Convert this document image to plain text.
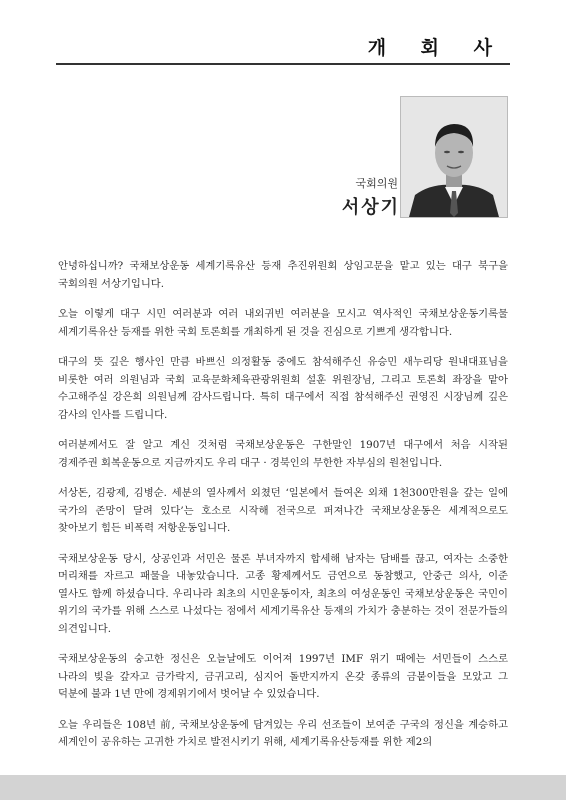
개 회 사
국회의원
서상기

안녕하십니까? 국채보상운동 세계기록유산 등재 추진위원회 상임고문을 맡고 있는 대구 북구을 국회의원 서상기입니다.

오늘 이렇게 대구 시민 여러분과 여러 내외귀빈 여러분을 모시고 역사적인 국채보상운동기록물 세계기록유산 등재를 위한 국회 토론회를 개최하게 된 것을 진심으로 기쁘게 생각합니다.

대구의 뜻 깊은 행사인 만큼 바쁘신 의정활동 중에도 참석해주신 유승민 새누리당 원내대표님을 비롯한 여러 의원님과 국회 교육문화체육관광위원회 설훈 위원장님, 그리고 토론회 좌장을 맡아 수고해주실 강은희 의원님께 감사드립니다. 특히 대구에서 직접 참석해주신 권영진 시장님께 깊은 감사의 인사를 드립니다.

여러분께서도 잘 알고 계신 것처럼 국채보상운동은 구한말인 1907년 대구에서 처음 시작된 경제주권 회복운동으로 지금까지도 우리 대구 · 경북인의 무한한 자부심의 원천입니다.

서상돈, 김광제, 김병순. 세분의 열사께서 외쳤던 ‘일본에서 들여온 외채 1천300만원을 갚는 일에 국가의 존망이 달려 있다’는 호소로 시작해 전국으로 퍼져나간 국채보상운동은 세계적으로도 찾아보기 힘든 비폭력 저항운동입니다.

국채보상운동 당시, 상공인과 서민은 물론 부녀자까지 합세해 남자는 담배를 끊고, 여자는 소중한 머리채를 자르고 패물을 내놓았습니다. 고종 황제께서도 금연으로 동참했고, 안중근 의사, 이준 열사도 함께 하셨습니다. 우리나라 최초의 시민운동이자, 최초의 여성운동인 국채보상운동은 국민이 위기의 국가를 위해 스스로 나섰다는 점에서 세계기록유산 등재의 가치가 충분하는 것이 전문가들의 의견입니다.

국채보상운동의 숭고한 정신은 오늘날에도 이어져 1997년 IMF 위기 때에는 서민들이 스스로 나라의 빚을 갚자고 금가락지, 금귀고리, 심지어 돌반지까지 온갖 종류의 금붙이들을 모았고 그 덕분에 불과 1년 만에 경제위기에서 벗어날 수 있었습니다.

오늘 우리들은 108년 前, 국채보상운동에 담겨있는 우리 선조들이 보여준 구국의 정신을 계승하고 세계인이 공유하는 고귀한 가치로 발전시키기 위해, 세계기록유산등재를 위한 제2의
